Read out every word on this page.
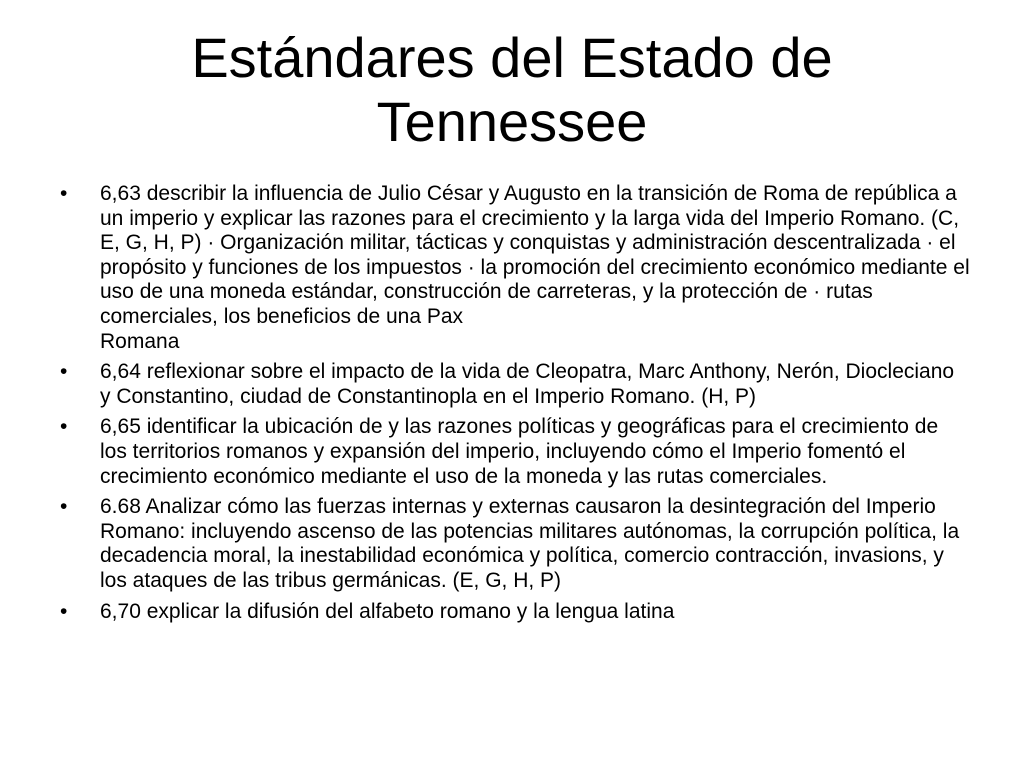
Estándares del Estado de Tennessee
•	6,63 describir la influencia de Julio César y Augusto en la transición de Roma de república a un imperio y explicar las razones para el crecimiento y la larga vida del Imperio Romano. (C, E, G, H, P) · Organización militar, tácticas y conquistas y administración descentralizada · el propósito y funciones de los impuestos · la promoción del crecimiento económico mediante el uso de una moneda estándar, construcción de carreteras, y la protección de · rutas comerciales, los beneficios de una Pax
Romana
•	6,64 reflexionar sobre el impacto de la vida de Cleopatra, Marc Anthony, Nerón, Diocleciano y Constantino, ciudad de Constantinopla en el Imperio Romano. (H, P)
•	6,65 identificar la ubicación de y las razones políticas y geográficas para el crecimiento de los territorios romanos y expansión del imperio, incluyendo cómo el Imperio fomentó el crecimiento económico mediante el uso de la moneda y las rutas comerciales.
•	6.68 Analizar cómo las fuerzas internas y externas causaron la desintegración del Imperio Romano: incluyendo ascenso de las potencias militares autónomas, la corrupción política, la decadencia moral, la inestabilidad económica y política, comercio contracción, invasions, y los ataques de las tribus germánicas. (E, G, H, P)
•	6,70 explicar la difusión del alfabeto romano y la lengua latina
